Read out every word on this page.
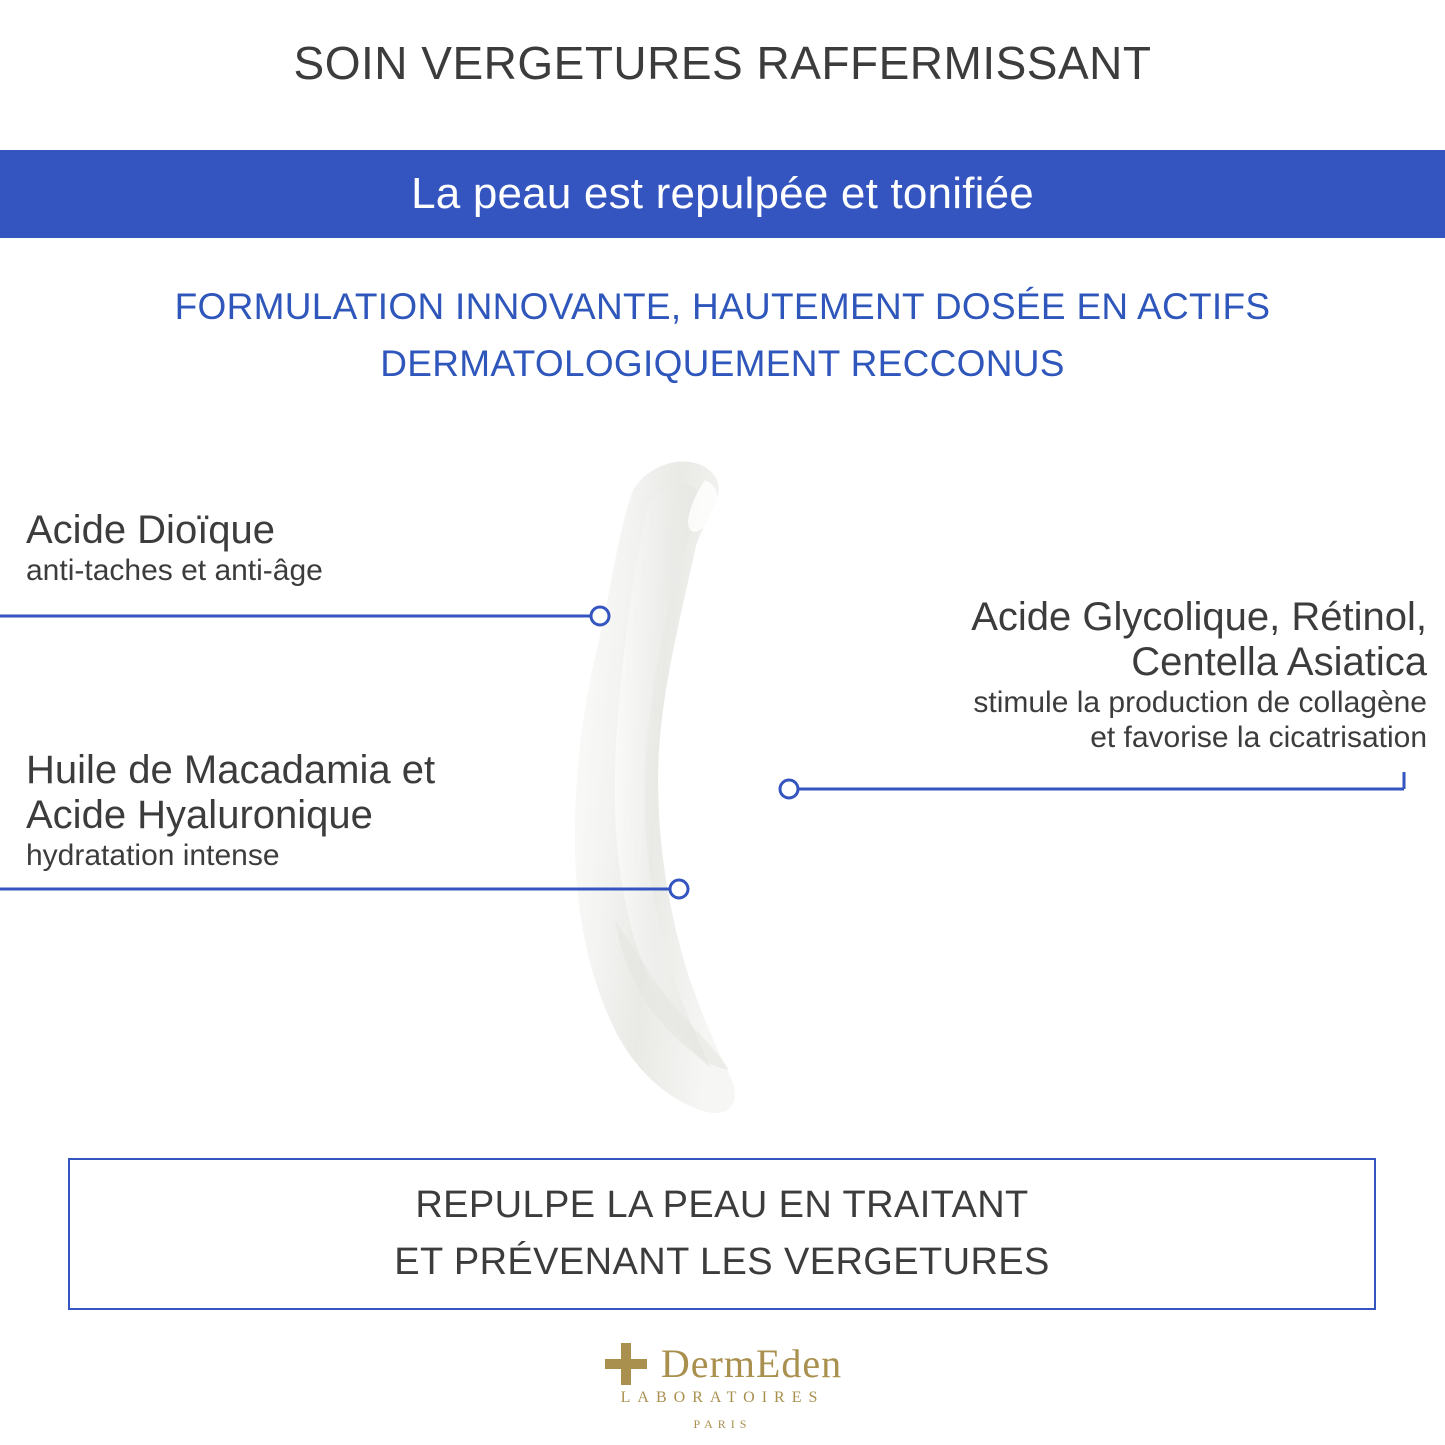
SOIN VERGETURES RAFFERMISSANT
La peau est repulpée et tonifiée
FORMULATION INNOVANTE, HAUTEMENT DOSÉE EN ACTIFS
DERMATOLOGIQUEMENT RECCONUS
Acide Dioïque
anti-taches et anti-âge
Huile de Macadamia et
Acide Hyaluronique
hydratation intense
Acide Glycolique, Rétinol,
Centella Asiatica
stimule la production de collagène
et favorise la cicatrisation
REPULPE LA PEAU EN TRAITANT
ET PRÉVENANT LES VERGETURES
DermEden
LABORATOIRES
PARIS
